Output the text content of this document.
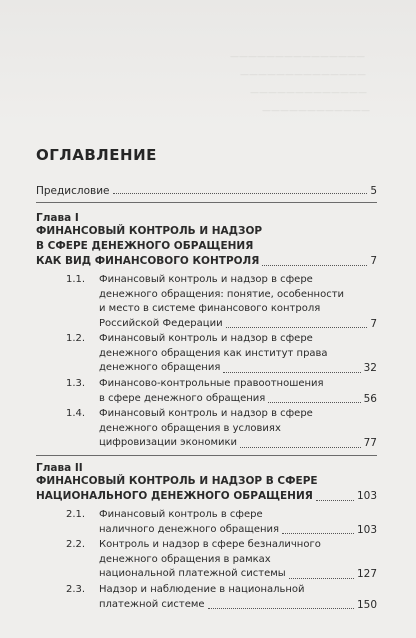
———————————————
——————————————
—————————————
————————————
ОГЛАВЛЕНИЕ
Предисловие	5
Глава I
ФИНАНСОВЫЙ КОНТРОЛЬ И НАДЗОР
В СФЕРЕ ДЕНЕЖНОГО ОБРАЩЕНИЯ
КАК ВИД ФИНАНСОВОГО КОНТРОЛЯ	7
1.1. Финансовый контроль и надзор в сфере
денежного обращения: понятие, особенности
и место в системе финансового контроля
Российской Федерации	7
1.2. Финансовый контроль и надзор в сфере
денежного обращения как институт права
денежного обращения	32
1.3. Финансово-контрольные правоотношения
в сфере денежного обращения	56
1.4. Финансовый контроль и надзор в сфере
денежного обращения в условиях
цифровизации экономики	77
Глава II
ФИНАНСОВЫЙ КОНТРОЛЬ И НАДЗОР В СФЕРЕ
НАЦИОНАЛЬНОГО ДЕНЕЖНОГО ОБРАЩЕНИЯ	103
2.1. Финансовый контроль в сфере
наличного денежного обращения	103
2.2. Контроль и надзор в сфере безналичного
денежного обращения в рамках
национальной платежной системы	127
2.3. Надзор и наблюдение в национальной
платежной системе	150
